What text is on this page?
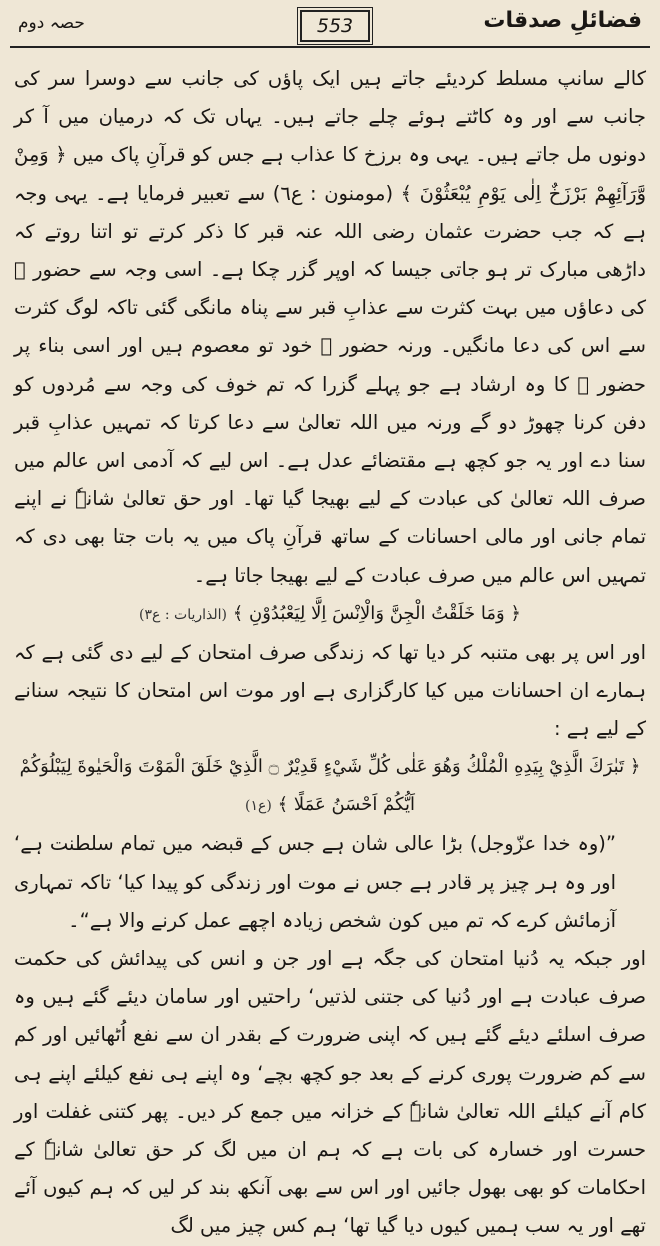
فضائلِ صدقات
553
حصہ دوم

کالے سانپ مسلط کردیئے جاتے ہیں ایک پاؤں کی جانب سے دوسرا سر کی جانب سے اور وہ کاٹتے ہوئے چلے جاتے ہیں۔ یہاں تک کہ درمیان میں آ کر دونوں مل جاتے ہیں۔ یہی وہ برزخ کا عذاب ہے جس کو قرآنِ پاک میں ﴿ وَمِنْ وَّرَآئِهِمْ بَرْزَخٌ اِلٰى يَوْمِ يُبْعَثُوْنَ ﴾ (مومنون : ع٦) سے تعبیر فرمایا ہے۔ یہی وجہ ہے کہ جب حضرت عثمان رضی اللہ عنہ قبر کا ذکر کرتے تو اتنا روتے کہ داڑھی مبارک تر ہو جاتی جیسا کہ اوپر گزر چکا ہے۔ اسی وجہ سے حضور ﷺ کی دعاؤں میں بہت کثرت سے عذابِ قبر سے پناہ مانگی گئی تاکہ لوگ کثرت سے اس کی دعا مانگیں۔ ورنہ حضور ﷺ خود تو معصوم ہیں اور اسی بناء پر حضور ﷺ کا وہ ارشاد ہے جو پہلے گزرا کہ تم خوف کی وجہ سے مُردوں کو دفن کرنا چھوڑ دو گے ورنہ میں اللہ تعالیٰ سے دعا کرتا کہ تمہیں عذابِ قبر سنا دے اور یہ جو کچھ ہے مقتضائے عدل ہے۔ اس لیے کہ آدمی اس عالم میں صرف اللہ تعالیٰ کی عبادت کے لیے بھیجا گیا تھا۔ اور حق تعالیٰ شانہٗ نے اپنے تمام جانی اور مالی احسانات کے ساتھ قرآنِ پاک میں یہ بات جتا بھی دی کہ تمہیں اس عالم میں صرف عبادت کے لیے بھیجا جاتا ہے۔

﴿ وَمَا خَلَقْتُ الْجِنَّ وَالْاِنْسَ اِلَّا لِيَعْبُدُوْنِ ﴾ (الذاریات : ع٣)

اور اس پر بھی متنبہ کر دیا تھا کہ زندگی صرف امتحان کے لیے دی گئی ہے کہ ہمارے ان احسانات میں کیا کارگزاری ہے اور موت اس امتحان کا نتیجہ سنانے کے لیے ہے :

﴿ تَبٰرَكَ الَّذِيْ بِيَدِهِ الْمُلْكُ وَهُوَ عَلٰى كُلِّ شَيْءٍ قَدِيْرٌ ۝ الَّذِيْ خَلَقَ الْمَوْتَ وَالْحَيٰوةَ لِيَبْلُوَكُمْ اَيُّكُمْ اَحْسَنُ عَمَلًا ﴾ (ع١)

”(وہ خدا عزّوجل) بڑا عالی شان ہے جس کے قبضہ میں تمام سلطنت ہے‘ اور وہ ہر چیز پر قادر ہے جس نے موت اور زندگی کو پیدا کیا‘ تاکہ تمہاری آزمائش کرے کہ تم میں کون شخص زیادہ اچھے عمل کرنے والا ہے“۔

اور جبکہ یہ دُنیا امتحان کی جگہ ہے اور جن و انس کی پیدائش کی حکمت صرف عبادت ہے اور دُنیا کی جتنی لذتیں‘ راحتیں اور سامان دیئے گئے ہیں وہ صرف اسلئے دیئے گئے ہیں کہ اپنی ضرورت کے بقدر ان سے نفع اُٹھائیں اور کم سے کم ضرورت پوری کرنے کے بعد جو کچھ بچے‘ وہ اپنے ہی نفع کیلئے اپنے ہی کام آنے کیلئے اللہ تعالیٰ شانہٗ کے خزانہ میں جمع کر دیں۔ پھر کتنی غفلت اور حسرت اور خسارہ کی بات ہے کہ ہم ان میں لگ کر حق تعالیٰ شانہٗ کے احکامات کو بھی بھول جائیں اور اس سے بھی آنکھ بند کر لیں کہ ہم کیوں آئے تھے اور یہ سب ہمیں کیوں دیا گیا تھا‘ ہم کس چیز میں لگ
